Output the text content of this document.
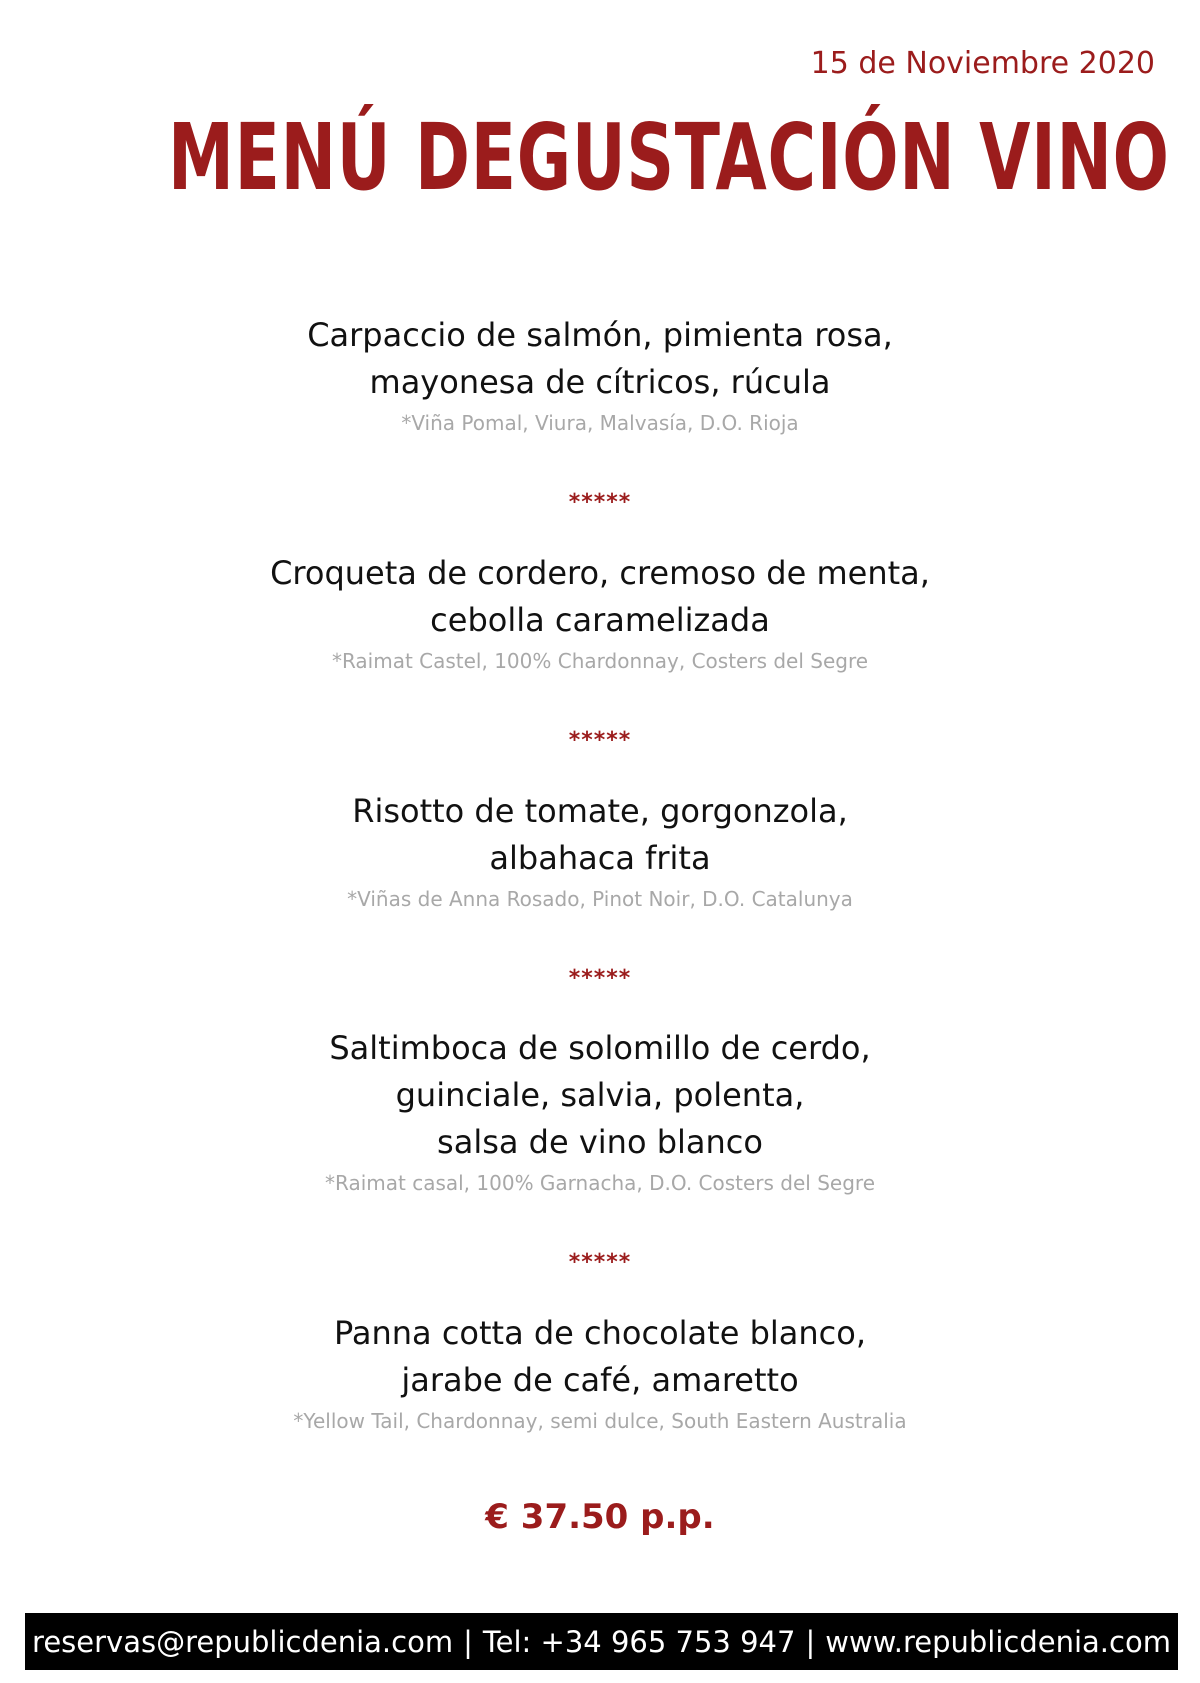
15 de Noviembre 2020
MENÚ DEGUSTACIÓN VINO
Carpaccio de salmón, pimienta rosa,
mayonesa de cítricos, rúcula
*Viña Pomal, Viura, Malvasía, D.O. Rioja
*****
Croqueta de cordero, cremoso de menta,
cebolla caramelizada
*Raimat Castel, 100% Chardonnay, Costers del Segre
*****
Risotto de tomate, gorgonzola,
albahaca frita
*Viñas de Anna Rosado, Pinot Noir, D.O. Catalunya
*****
Saltimboca de solomillo de cerdo,
guinciale, salvia, polenta,
salsa de vino blanco
*Raimat casal, 100% Garnacha, D.O. Costers del Segre
*****
Panna cotta de chocolate blanco,
jarabe de café, amaretto
*Yellow Tail, Chardonnay, semi dulce, South Eastern Australia
€ 37.50 p.p.
reservas@republicdenia.com | Tel: +34 965 753 947 | www.republicdenia.com
